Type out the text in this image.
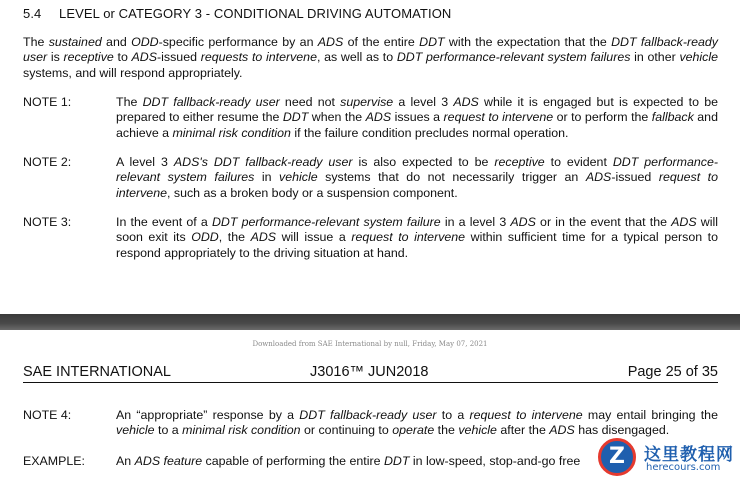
5.4 LEVEL or CATEGORY 3 - CONDITIONAL DRIVING AUTOMATION
The sustained and ODD-specific performance by an ADS of the entire DDT with the expectation that the DDT fallback-ready user is receptive to ADS-issued requests to intervene, as well as to DDT performance-relevant system failures in other vehicle systems, and will respond appropriately.
NOTE 1:	The DDT fallback-ready user need not supervise a level 3 ADS while it is engaged but is expected to be prepared to either resume the DDT when the ADS issues a request to intervene or to perform the fallback and achieve a minimal risk condition if the failure condition precludes normal operation.
NOTE 2:	A level 3 ADS's DDT fallback-ready user is also expected to be receptive to evident DDT performance-relevant system failures in vehicle systems that do not necessarily trigger an ADS-issued request to intervene, such as a broken body or a suspension component.
NOTE 3:	In the event of a DDT performance-relevant system failure in a level 3 ADS or in the event that the ADS will soon exit its ODD, the ADS will issue a request to intervene within sufficient time for a typical person to respond appropriately to the driving situation at hand.
Downloaded from SAE International by null, Friday, May 07, 2021
SAE INTERNATIONAL	J3016™ JUN2018	Page 25 of 35
NOTE 4:	An “appropriate” response by a DDT fallback-ready user to a request to intervene may entail bringing the vehicle to a minimal risk condition or continuing to operate the vehicle after the ADS has disengaged.
EXAMPLE:	An ADS feature capable of performing the entire DDT in low-speed, stop-and-go free	Z	这里教程网
herecours.com
